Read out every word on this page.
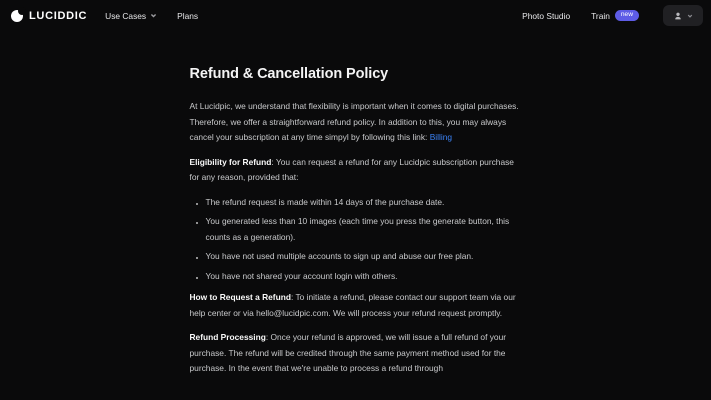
LUCIDDIC Use Cases	Plans	Photo Studio	Train	new
Refund & Cancellation Policy

At Lucidpic, we understand that flexibility is important when it comes to digital purchases. Therefore, we offer a straightforward refund policy. In addition to this, you may always cancel your subscription at any time simpyl by following this link: Billing

Eligibility for Refund: You can request a refund for any Lucidpic subscription purchase for any reason, provided that:

• The refund request is made within 14 days of the purchase date.
• You generated less than 10 images (each time you press the generate button, this counts as a generation).
• You have not used multiple accounts to sign up and abuse our free plan.
• You have not shared your account login with others.

How to Request a Refund: To initiate a refund, please contact our support team via our help center or via hello@lucidpic.com. We will process your refund request promptly.

Refund Processing: Once your refund is approved, we will issue a full refund of your purchase. The refund will be credited through the same payment method used for the purchase. In the event that we're unable to process a refund through
